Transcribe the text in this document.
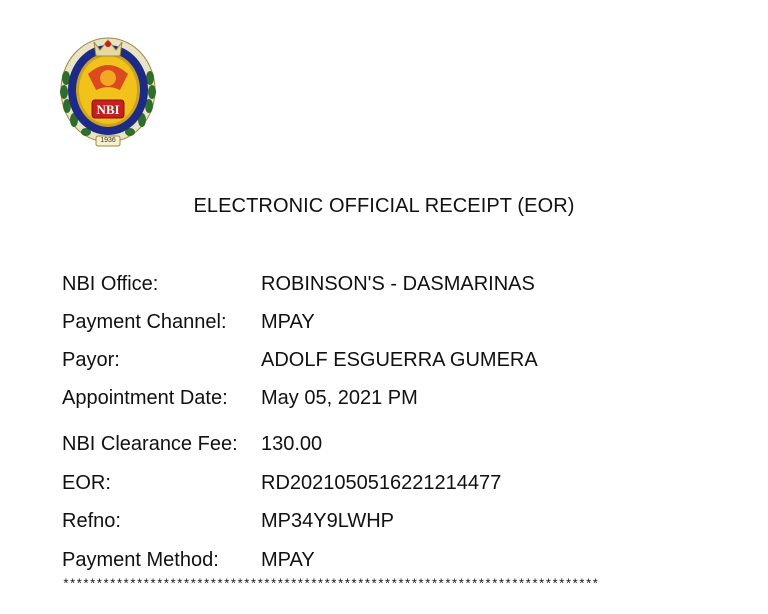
NBI
1936
ELECTRONIC OFFICIAL RECEIPT (EOR)
NBI Office:	ROBINSON'S - DASMARINAS
Payment Channel: MPAY
Payor:	ADOLF ESGUERRA GUMERA
Appointment Date: May 05, 2021 PM
NBI Clearance Fee: 130.00
EOR:	RD202105051622121447​7
Refno:	MP34Y9LWHP
Payment Method: MPAY
********************************************************************************
